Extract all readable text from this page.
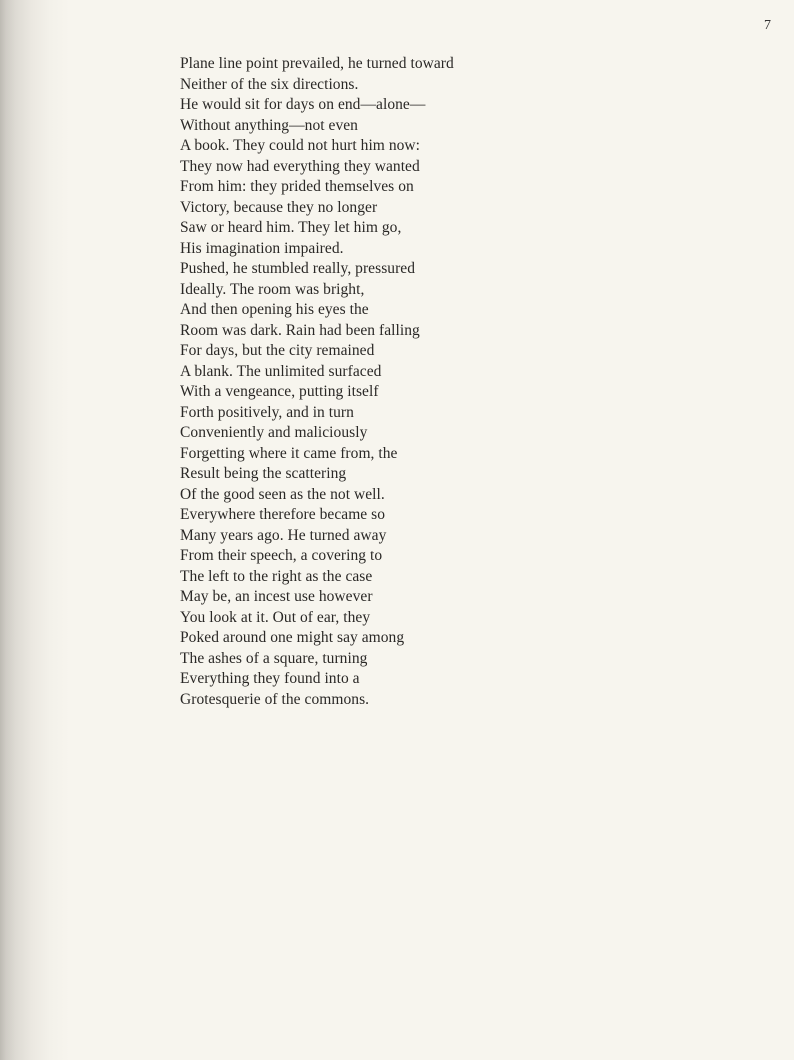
7
Plane line point prevailed, he turned toward
Neither of the six directions.
He would sit for days on end—alone—
Without anything—not even
A book. They could not hurt him now:
They now had everything they wanted
From him: they prided themselves on
Victory, because they no longer
Saw or heard him. They let him go,
His imagination impaired.
Pushed, he stumbled really, pressured
Ideally. The room was bright,
And then opening his eyes the
Room was dark. Rain had been falling
For days, but the city remained
A blank. The unlimited surfaced
With a vengeance, putting itself
Forth positively, and in turn
Conveniently and maliciously
Forgetting where it came from, the
Result being the scattering
Of the good seen as the not well.
Everywhere therefore became so
Many years ago. He turned away
From their speech, a covering to
The left to the right as the case
May be, an incest use however
You look at it. Out of ear, they
Poked around one might say among
The ashes of a square, turning
Everything they found into a
Grotesquerie of the commons.
